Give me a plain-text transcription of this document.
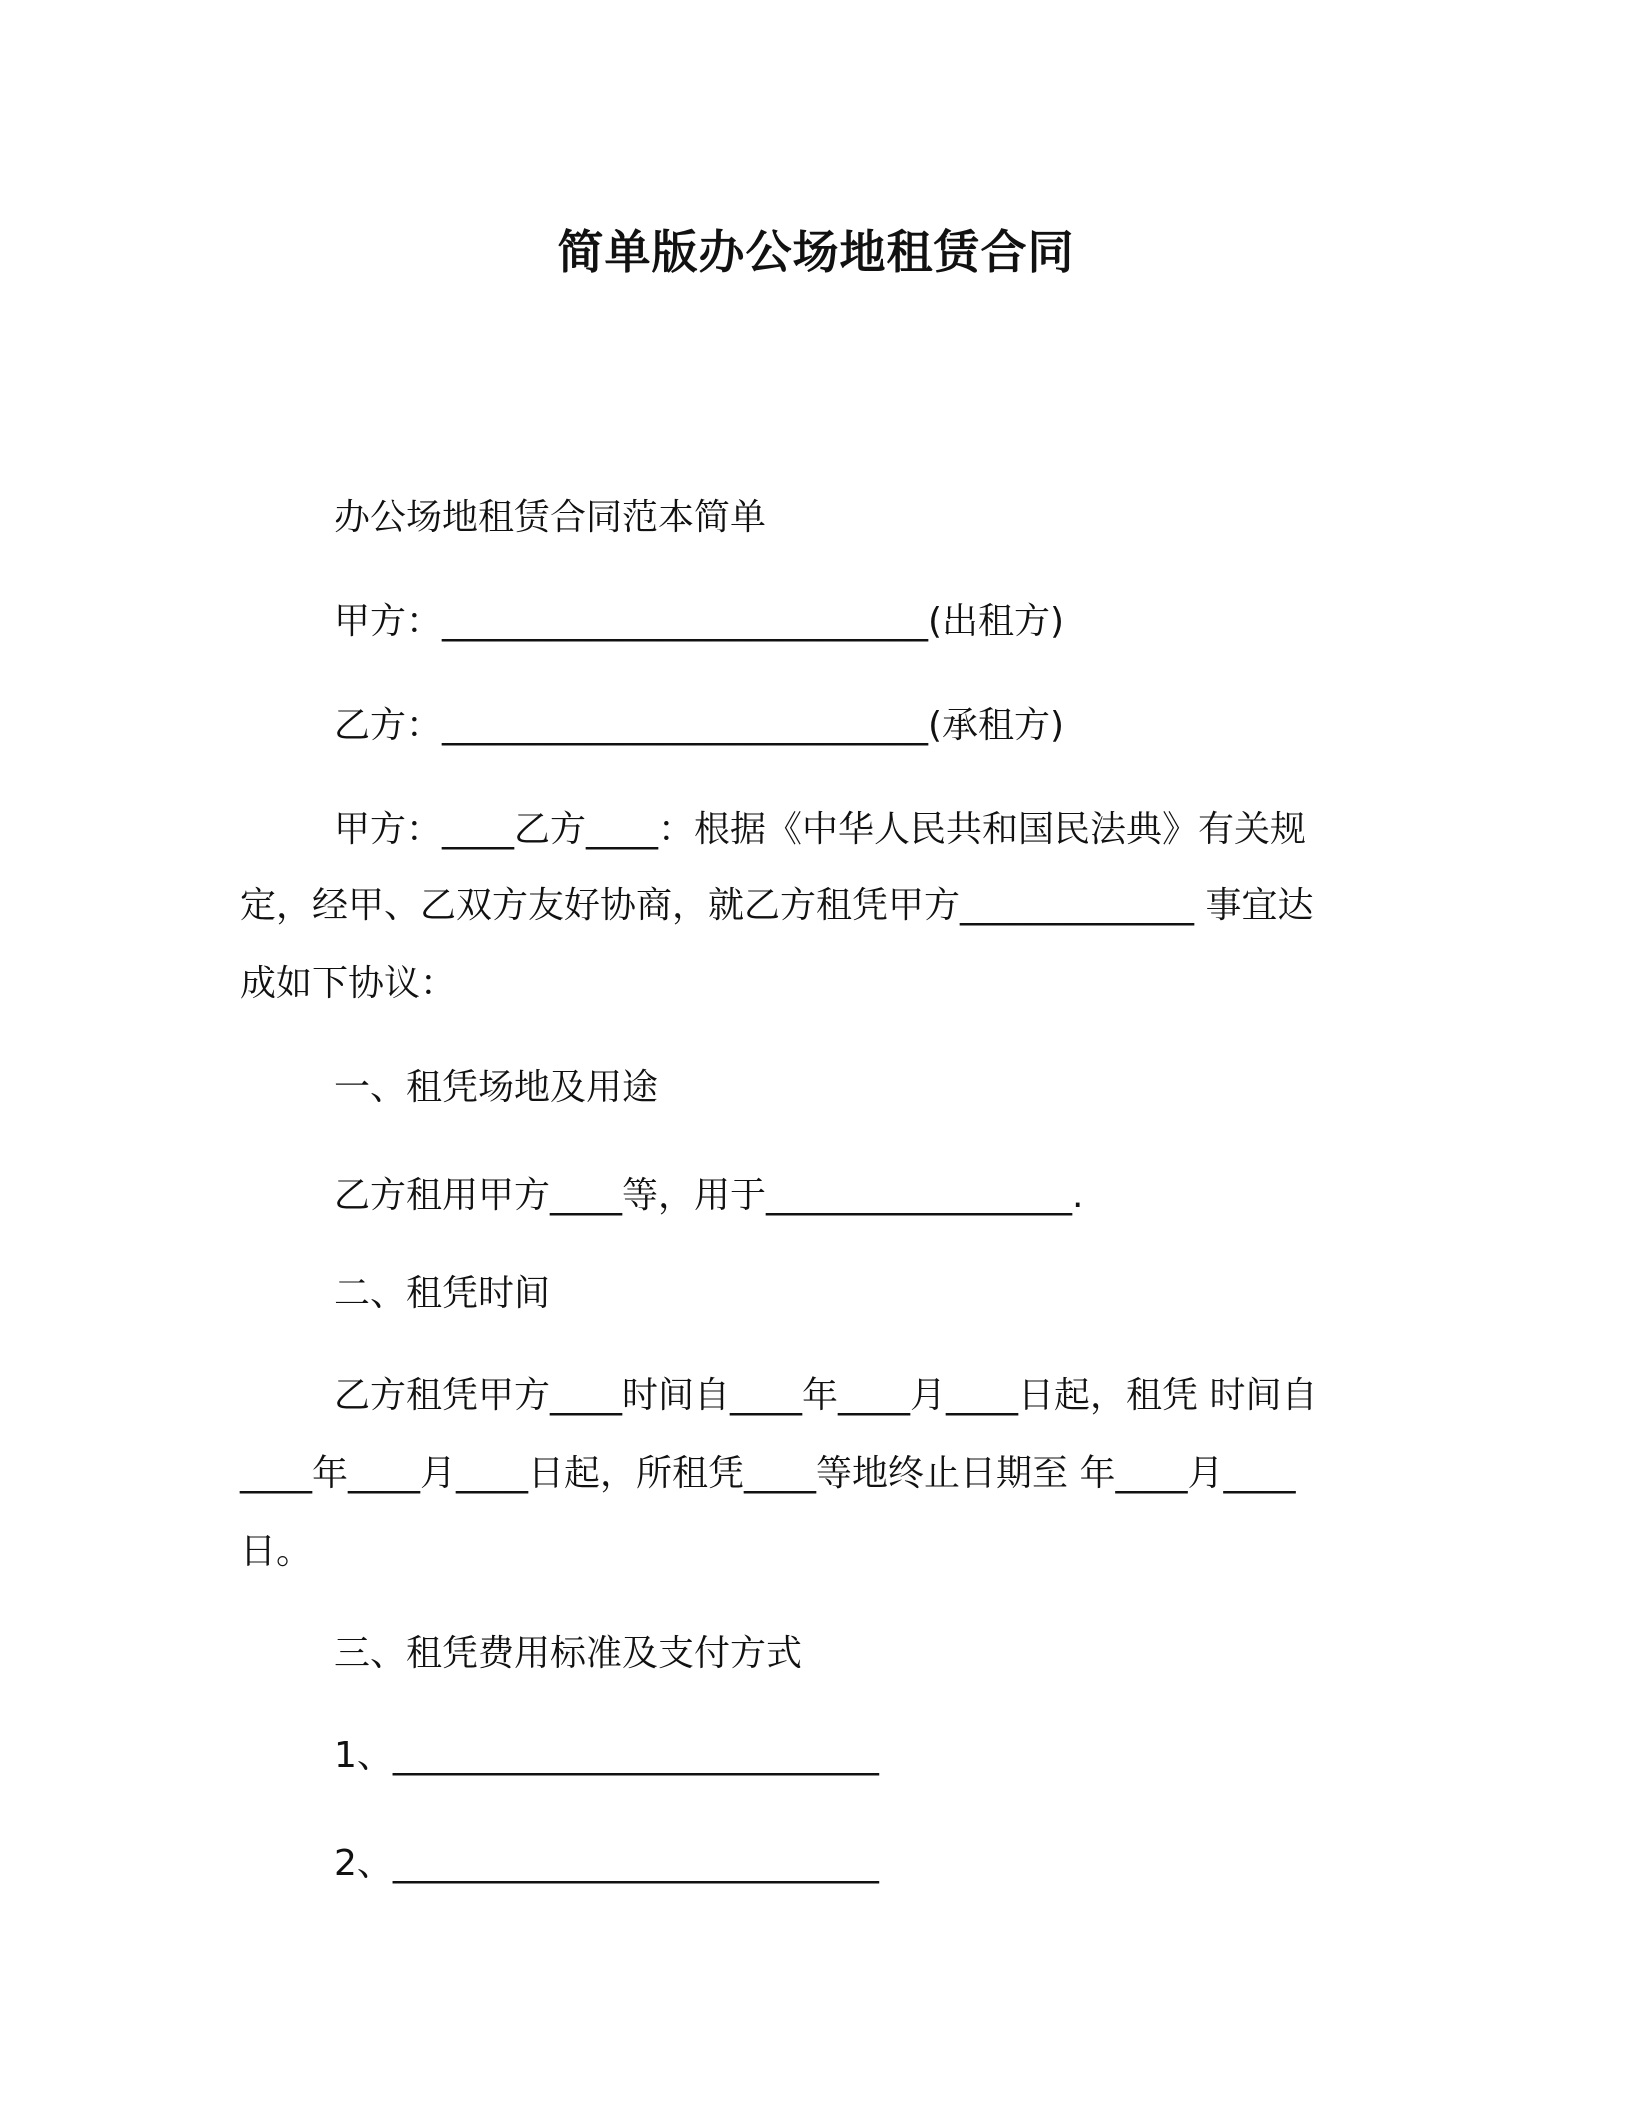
简单版办公场地租赁合同
办公场地租赁合同范本简单
甲方：___________________________(出租方)
乙方：___________________________(承租方)
甲方：____乙方____：根据《中华人民共和国民法典》有关规
定，经甲、乙双方友好协商，就乙方租凭甲方_____________ 事宜达
成如下协议：
一、租凭场地及用途
乙方租用甲方____等，用于_________________.
二、租凭时间
乙方租凭甲方____时间自____年____月____日起，租凭 时间自
____年____月____日起，所租凭____等地终止日期至 年____月____
日。
三、租凭费用标准及支付方式
1、___________________________
2、___________________________
